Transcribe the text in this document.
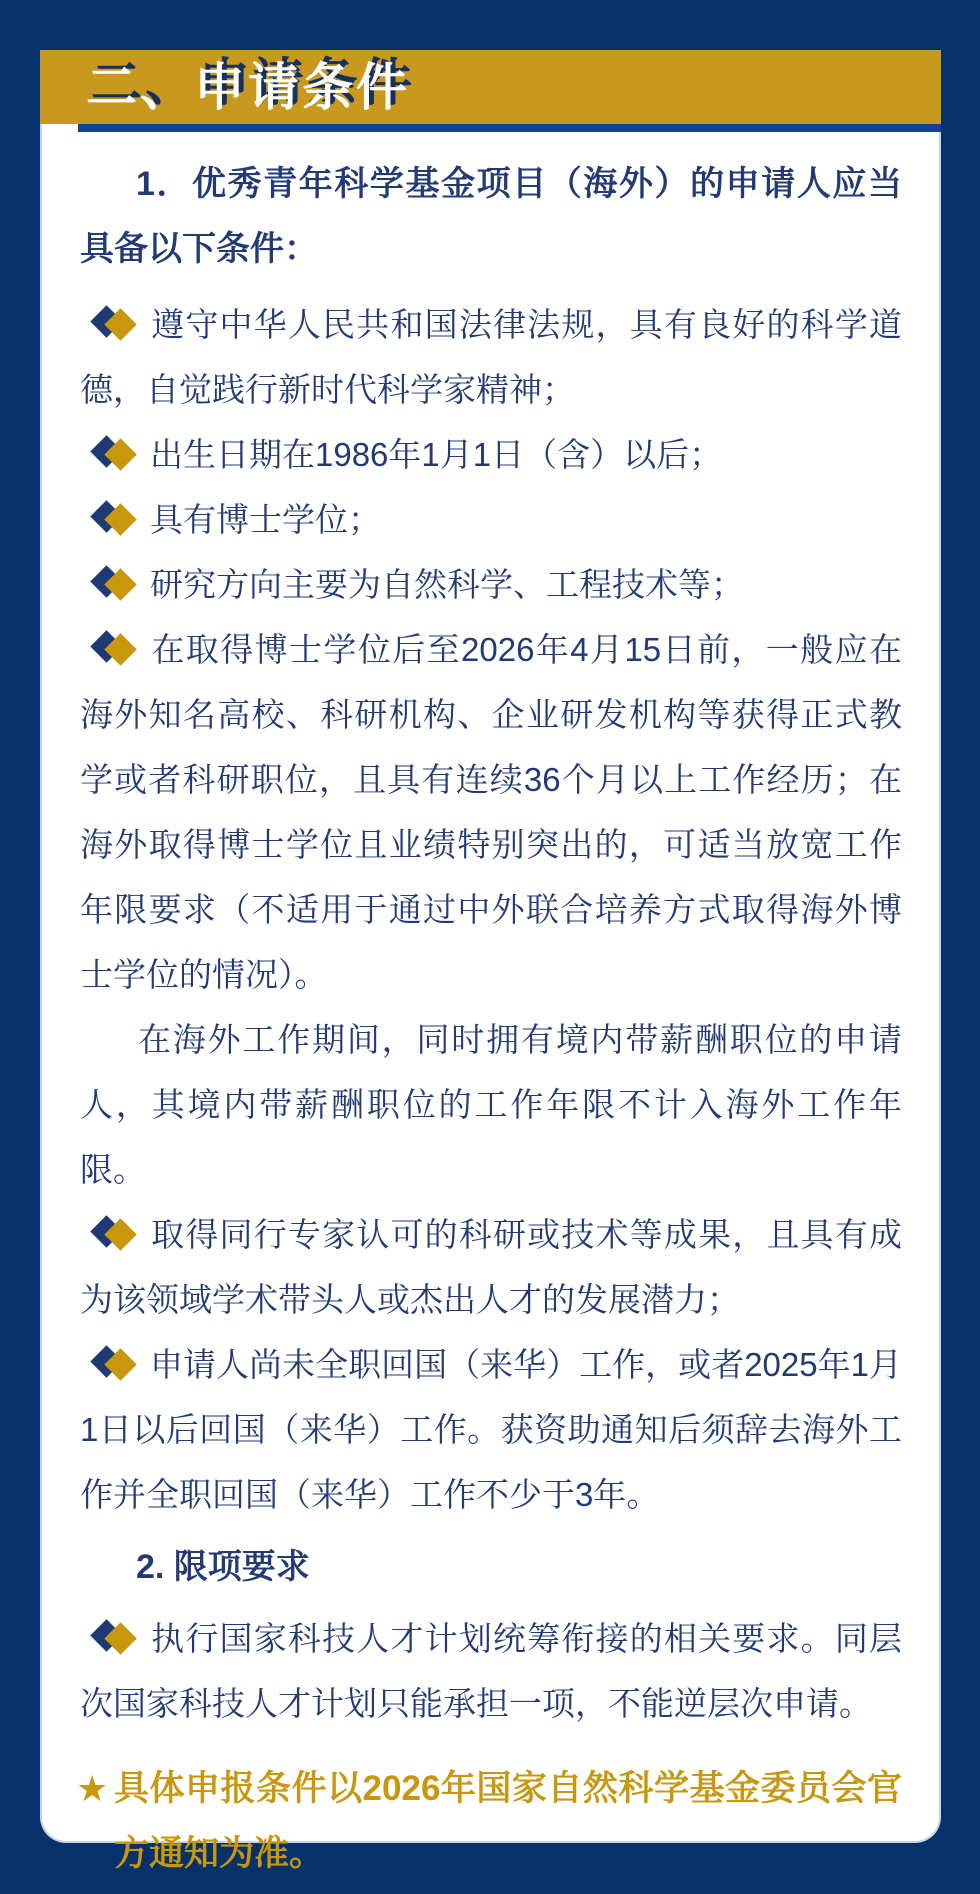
二、申请条件

1．优秀青年科学基金项目（海外）的申请人应当具备以下条件：

遵守中华人民共和国法律法规，具有良好的科学道德，自觉践行新时代科学家精神；

出生日期在1986年1月1日（含）以后；

具有博士学位；

研究方向主要为自然科学、工程技术等；

在取得博士学位后至2026年4月15日前，一般应在海外知名高校、科研机构、企业研发机构等获得正式教学或者科研职位，且具有连续36个月以上工作经历；在海外取得博士学位且业绩特别突出的，可适当放宽工作年限要求（不适用于通过中外联合培养方式取得海外博士学位的情况）。

在海外工作期间，同时拥有境内带薪酬职位的申请人，其境内带薪酬职位的工作年限不计入海外工作年限。

取得同行专家认可的科研或技术等成果，且具有成为该领域学术带头人或杰出人才的发展潜力；

申请人尚未全职回国（来华）工作，或者2025年1月1日以后回国（来华）工作。获资助通知后须辞去海外工作并全职回国（来华）工作不少于3年。

2. 限项要求

执行国家科技人才计划统筹衔接的相关要求。同层次国家科技人才计划只能承担一项，不能逆层次申请。

★ 具体申报条件以2026年国家自然科学基金委员会官方通知为准。
